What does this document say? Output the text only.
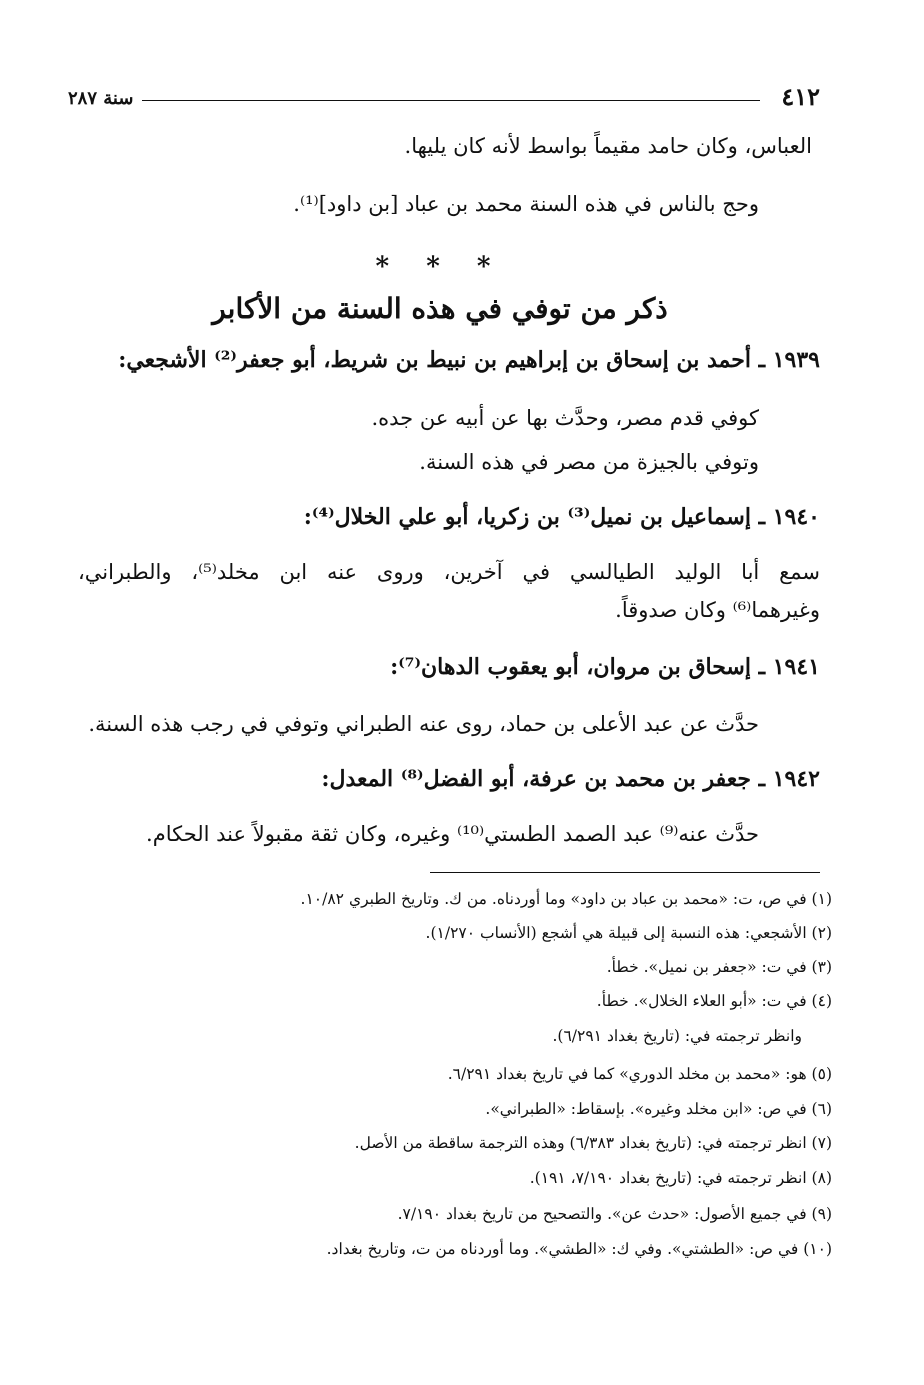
٤١٢
سنة ٢٨٧
العباس، وكان حامد مقيماً بواسط لأنه كان يليها.
وحج بالناس في هذه السنة محمد بن عباد [بن داود]⁽¹⁾.
* * *
ذكر من توفي في هذه السنة من الأكابر
١٩٣٩ ـ أحمد بن إسحاق بن إبراهيم بن نبيط بن شريط، أبو جعفر⁽²⁾ الأشجعي:
كوفي قدم مصر، وحدَّث بها عن أبيه عن جده.
وتوفي بالجيزة من مصر في هذه السنة.
١٩٤٠ ـ إسماعيل بن نميل⁽³⁾ بن زكريا، أبو علي الخلال⁽⁴⁾:
سمع أبا الوليد الطيالسي في آخرين، وروى عنه ابن مخلد⁽⁵⁾، والطبراني،
وغيرهما⁽⁶⁾ وكان صدوقاً.
١٩٤١ ـ إسحاق بن مروان، أبو يعقوب الدهان⁽⁷⁾:
حدَّث عن عبد الأعلى بن حماد، روى عنه الطبراني وتوفي في رجب هذه السنة.
١٩٤٢ ـ جعفر بن محمد بن عرفة، أبو الفضل⁽⁸⁾ المعدل:
حدَّث عنه⁽⁹⁾ عبد الصمد الطستي⁽¹⁰⁾ وغيره، وكان ثقة مقبولاً عند الحكام.
(١) في ص، ت: «محمد بن عباد بن داود» وما أوردناه. من ك. وتاريخ الطبري ١٠/٨٢.
(٢) الأشجعي: هذه النسبة إلى قبيلة هي أشجع (الأنساب ١/٢٧٠).
(٣) في ت: «جعفر بن نميل». خطأ.
(٤) في ت: «أبو العلاء الخلال». خطأ.
وانظر ترجمته في: (تاريخ بغداد ٦/٢٩١).
(٥) هو: «محمد بن مخلد الدوري» كما في تاريخ بغداد ٦/٢٩١.
(٦) في ص: «ابن مخلد وغيره». بإسقاط: «الطبراني».
(٧) انظر ترجمته في: (تاريخ بغداد ٦/٣٨٣) وهذه الترجمة ساقطة من الأصل.
(٨) انظر ترجمته في: (تاريخ بغداد ٧/١٩٠، ١٩١).
(٩) في جميع الأصول: «حدث عن». والتصحيح من تاريخ بغداد ٧/١٩٠.
(١٠) في ص: «الطشتي». وفي ك: «الطشي». وما أوردناه من ت، وتاريخ بغداد.
